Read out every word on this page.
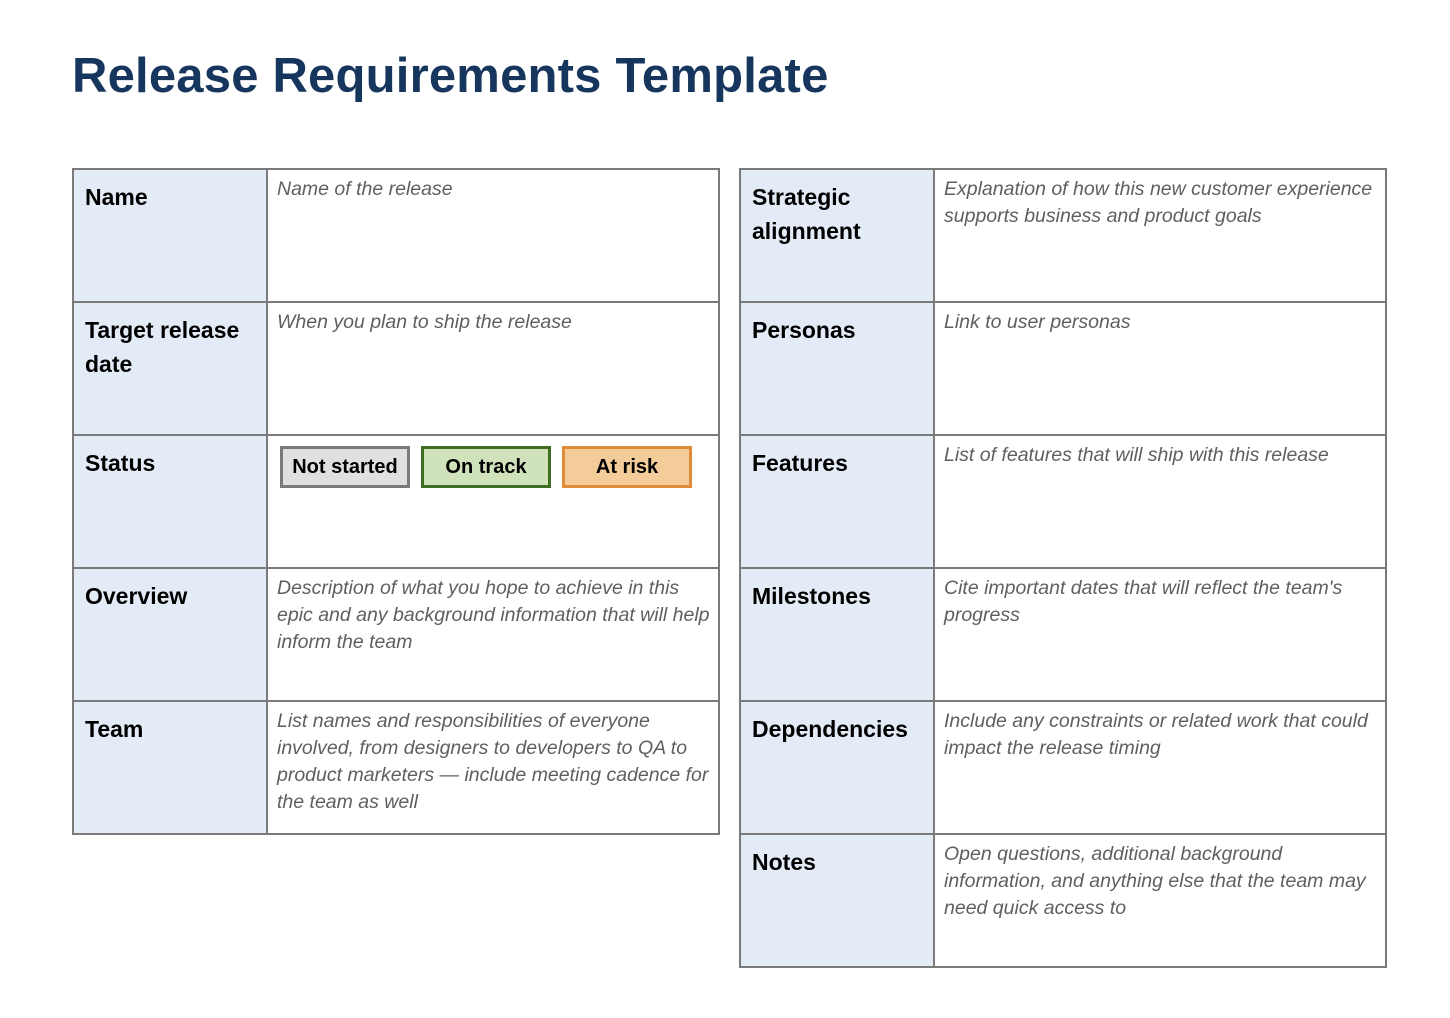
Release Requirements Template
Name	Name of the release

Target release date	When you plan to ship the release

Status	Not started On track At risk

Overview	Description of what you hope to achieve in this epic and any background information that will help inform the team

Team	List names and responsibilities of everyone involved, from designers to developers to QA to product marketers — include meeting cadence for the team as well
Strategic alignment	Explanation of how this new customer experience supports business and product goals

Personas	Link to user personas

Features	List of features that will ship with this release

Milestones	Cite important dates that will reflect the team's progress

Dependencies	Include any constraints or related work that could impact the release timing

Notes	Open questions, additional background information, and anything else that the team may need quick access to
